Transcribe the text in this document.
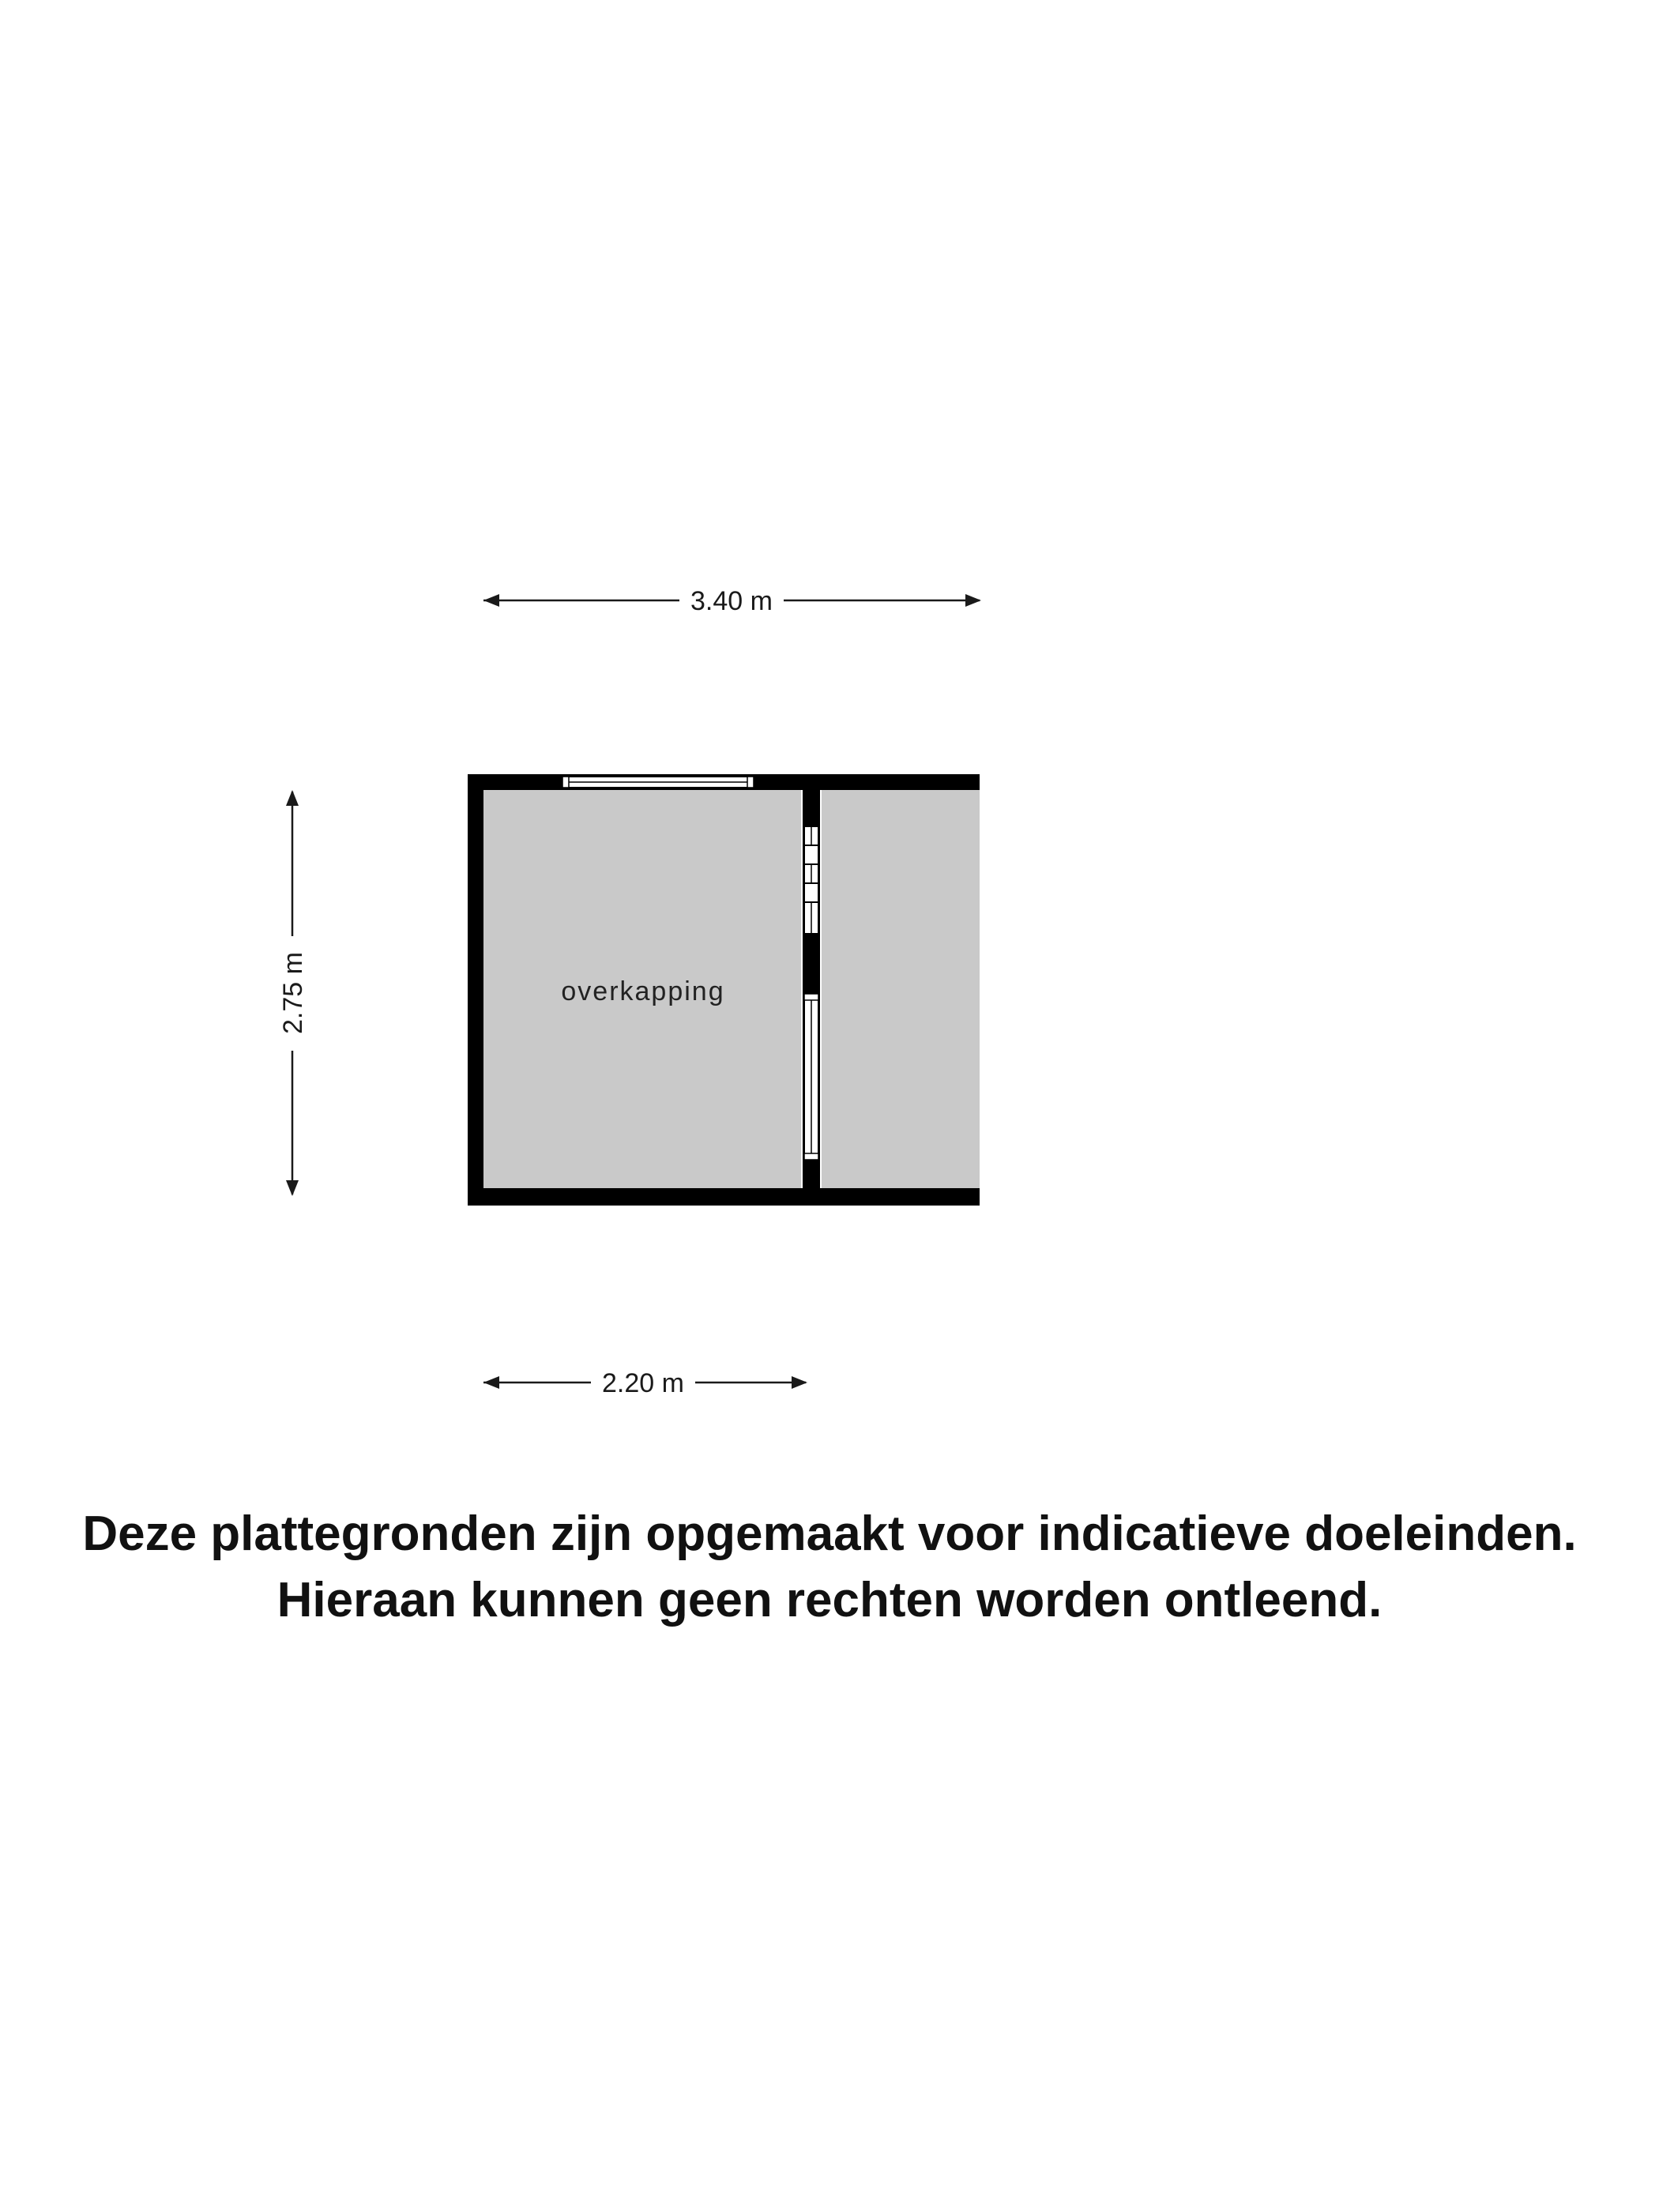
3.40 m
2.75 m
2.20 m
overkapping
Deze plattegronden zijn opgemaakt voor indicatieve doeleinden.
Hieraan kunnen geen rechten worden ontleend.
